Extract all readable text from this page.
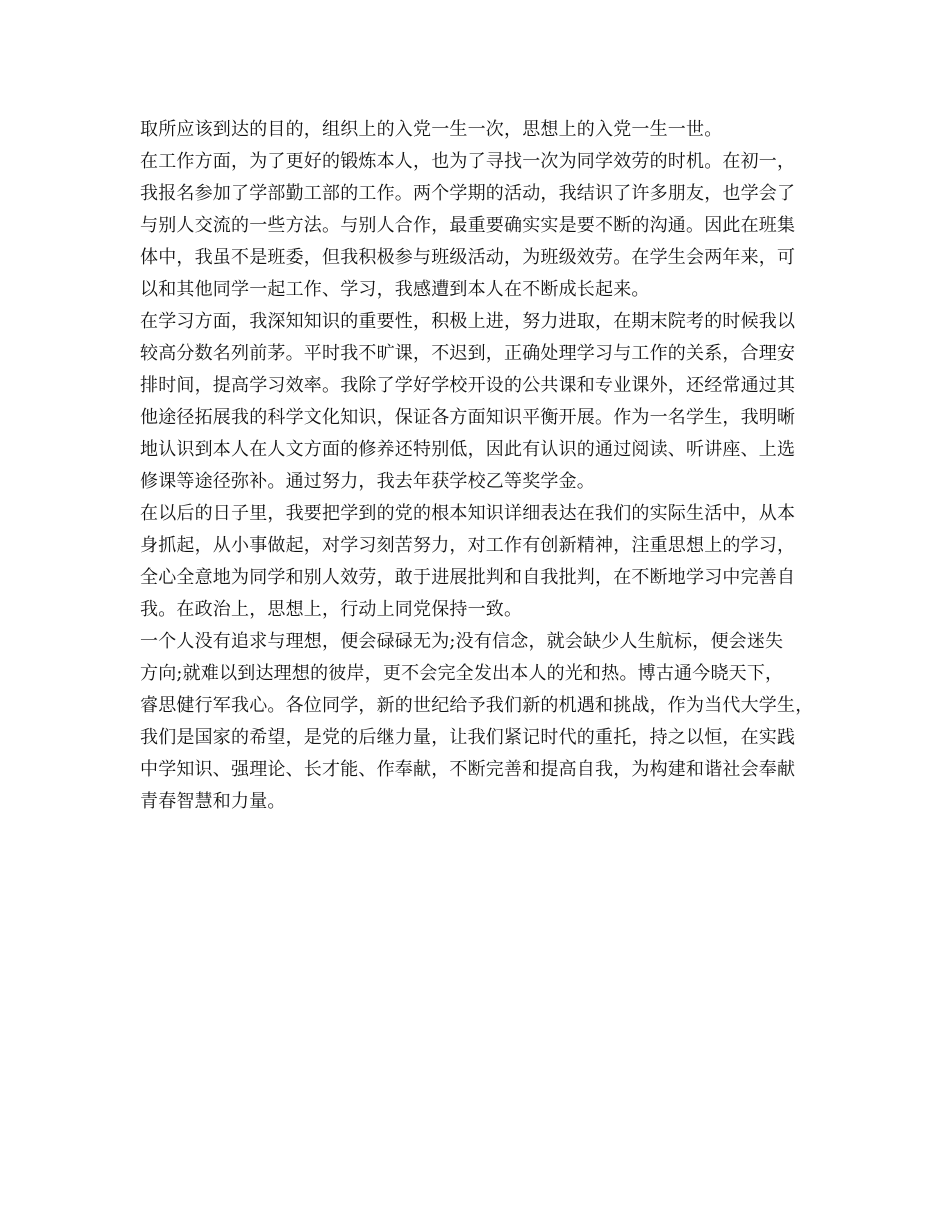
取所应该到达的目的，组织上的入党一生一次，思想上的入党一生一世。
在工作方面，为了更好的锻炼本人，也为了寻找一次为同学效劳的时机。在初一，
我报名参加了学部勤工部的工作。两个学期的活动，我结识了许多朋友，也学会了
与别人交流的一些方法。与别人合作，最重要确实实是要不断的沟通。因此在班集
体中，我虽不是班委，但我积极参与班级活动，为班级效劳。在学生会两年来，可
以和其他同学一起工作、学习，我感遭到本人在不断成长起来。
在学习方面，我深知知识的重要性，积极上进，努力进取，在期末院考的时候我以
较高分数名列前茅。平时我不旷课，不迟到，正确处理学习与工作的关系，合理安
排时间，提高学习效率。我除了学好学校开设的公共课和专业课外，还经常通过其
他途径拓展我的科学文化知识，保证各方面知识平衡开展。作为一名学生，我明晰
地认识到本人在人文方面的修养还特别低，因此有认识的通过阅读、听讲座、上选
修课等途径弥补。通过努力，我去年获学校乙等奖学金。
在以后的日子里，我要把学到的党的根本知识详细表达在我们的实际生活中，从本
身抓起，从小事做起，对学习刻苦努力，对工作有创新精神，注重思想上的学习，
全心全意地为同学和别人效劳，敢于进展批判和自我批判，在不断地学习中完善自
我。在政治上，思想上，行动上同党保持一致。
一个人没有追求与理想，便会碌碌无为;没有信念，就会缺少人生航标，便会迷失
方向;就难以到达理想的彼岸，更不会完全发出本人的光和热。博古通今晓天下，
睿思健行军我心。各位同学，新的世纪给予我们新的机遇和挑战，作为当代大学生，
我们是国家的希望，是党的后继力量，让我们紧记时代的重托，持之以恒，在实践
中学知识、强理论、长才能、作奉献，不断完善和提高自我，为构建和谐社会奉献
青春智慧和力量。
